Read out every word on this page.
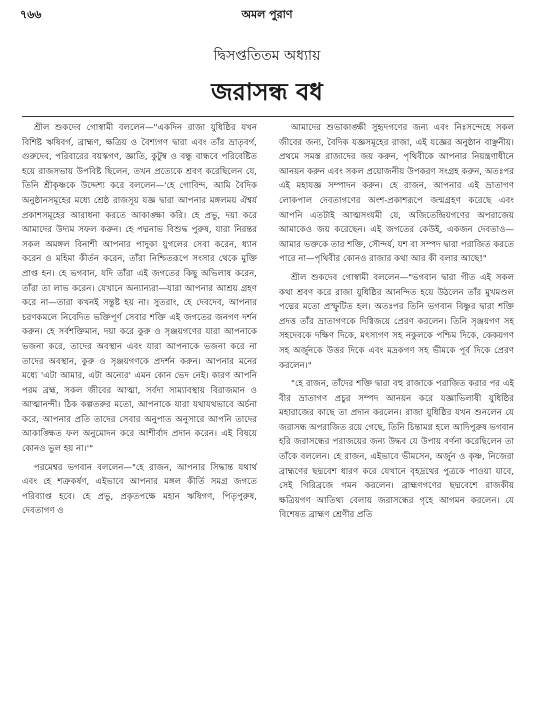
৭৬৬	অমল পুরাণ
দ্বিসপ্ততিতম অধ্যায়
জরাসন্ধ বধ

শ্রীল শুকদেব গোস্বামী বললেন—"একদিন রাজা যুধিষ্ঠির যখন বিশিষ্ট ঋষিবর্গ, ব্রাহ্মণ, ক্ষত্রিয় ও বৈশ্যগণ দ্বারা এবং তাঁর ভ্রাতৃবর্গ, গুরুদেব, পরিবারের বয়স্কগণ, জ্ঞাতি, কুটুম্ব ও বন্ধু বান্ধবে পরিবেষ্টিত হয়ে রাজসভায় উপবিষ্ট ছিলেন, তখন প্রত্যেকে শ্রবণ করেছিলেন যে, তিনি শ্রীকৃষ্ণকে উদ্দেশ্য করে বললেন—'হে গোবিন্দ, আমি বৈদিক অনুষ্ঠানসমূহের মধ্যে শ্রেষ্ঠ রাজসূয় যজ্ঞ দ্বারা আপনার মঙ্গলময় ঐশ্বর্য প্রকাশসমূহের আরাধনা করতে আকাঙ্ক্ষা করি। হে প্রভু, দয়া করে আমাদের উদ্যম সফল করুন। হে পদ্মনাভ বিশুদ্ধ পুরুষ, যারা নিরন্তর সকল অমঙ্গল বিনাশী আপনার পাদুকা যুগলের সেবা করেন, ধ্যান করেন ও মহিমা কীর্তন করেন, তাঁরা নিশ্চিতরূপে সংসার থেকে মুক্তি প্রাপ্ত হন। হে ভগবান, যদি তাঁরা এই জগতের কিছু অভিলাষ করেন, তাঁরা তা লাভ করেন। যেখানে অন্যান্যরা—যারা আপনার আশ্রয় গ্রহণ করে না—তারা কখনই সন্তুষ্ট হয় না। সুতরাং, হে দেবদেব, আপনার চরণকমলে নিবেদিত ভক্তিপূর্ণ সেবার শক্তি এই জগতের জনগণ দর্শন করুন। হে সর্বশক্তিমান, দয়া করে কুরু ও সৃঞ্জয়গণের যারা আপনাকে ভজনা করে, তাদের অবস্থান এবং যারা আপনাকে ভজনা করে না তাদের অবস্থান, কুরু ও সৃঞ্জয়গণকে প্রদর্শন করুন। আপনার মনের মধ্যে 'এটা আমার, এটা অন্যের' এমন কোন ভেদ নেই। কারণ আপনি পরম ব্রহ্ম, সকল জীবের আত্মা, সর্বদা সাম্যাবস্থায় বিরাজমান ও আত্মানন্দী। ঠিক কল্পতরুর মতো, আপনাকে যারা যথাযথভাবে অর্চনা করে, আপনার প্রতি তাদের সেবার অনুপাত অনুসারে আপনি তাদের আকাঙ্ক্ষিত ফল অনুমোদন করে আশীর্বাদ প্রদান করেন। এই বিষয়ে কোনও ভুল হয় না।'"

পরমেশ্বর ভগবান বললেন—"হে রাজন, আপনার সিদ্ধান্ত যথার্থ এবং হে শত্রুকর্ষণ, এইভাবে আপনার মঙ্গল কীর্তি সমগ্র জগতে পরিব্যাপ্ত হবে। হে প্রভু, প্রকৃতপক্ষে মহান ঋষিগণ, পিতৃপুরুষ, দেবতাগণ ও

আমাদের শুভাকাঙ্ক্ষী সুহৃদগণের জন্য এবং নিঃসন্দেহে সকল জীবের জন্য, বৈদিক যজ্ঞসমূহের রাজা, এই যজ্ঞের অনুষ্ঠান বাঞ্ছনীয়। প্রথমে সমস্ত রাজাদের জয় করুন, পৃথিবীকে আপনার নিয়ন্ত্রণাধীনে আনয়ন করুন এবং সকল প্রয়োজনীয় উপকরণ সংগ্রহ করুন, অতঃপর এই মহাযজ্ঞ সম্পাদন করুন। হে রাজন, আপনার এই ভ্রাতাগণ লোকপাল দেবতাগণের অংশ-প্রকাশরূপে জন্মগ্রহণ করেছে এবং আপনি এতটাই আত্মসংযমী যে, অজিতেন্দ্রিয়গণের অপরাজেয় আমাকেও জয় করেছেন। এই জগতের কেউই, একজন দেবতাও—আমার ভক্তকে তার শক্তি, সৌন্দর্য, যশ বা সম্পদ দ্বারা পরাজিত করতে পারে না—পৃথিবীর কোনও রাজার কথা আর কী বলার আছে!"

শ্রীল শুকদেব গোস্বামী বললেন—"ভগবান দ্বারা গীত এই সকল কথা শ্রবণ করে রাজা যুধিষ্ঠির আনন্দিত হয়ে উঠলেন তাঁর মুখমণ্ডল পদ্মের মতো প্রস্ফুটিত হল। অতঃপর তিনি ভগবান বিষ্ণুর দ্বারা শক্তি প্রদত্ত তাঁর ভ্রাতাগণকে দিগ্বিজয়ে প্রেরণ করলেন। তিনি সৃঞ্জয়গণ সহ সহদেবকে দক্ষিণ দিকে, মৎস্যগণ সহ নকুলকে পশ্চিম দিকে, কেকয়গণ সহ অর্জুনকে উত্তর দিকে এবং মদ্রকগণ সহ ভীমকে পূর্ব দিকে প্রেরণ করলেন।"

"হে রাজন, তাঁদের শক্তি দ্বারা বহু রাজাকে পরাজিত করার পর এই বীর ভ্রাতাগণ প্রচুর সম্পদ আনয়ন করে যজ্ঞাভিলাষী যুধিষ্ঠির মহারাজের কাছে তা প্রদান করলেন। রাজা যুধিষ্ঠির যখন শুনলেন যে জরাসন্ধ অপরাজিত রয়ে গেছে, তিনি চিন্তামগ্ন হলে আদিপুরুষ ভগবান হরি জরাসন্ধের পরাজয়ের জন্য উদ্ধব যে উপায় বর্ণনা করেছিলেন তা তাঁকে বললেন। হে রাজন, এইভাবে ভীমসেন, অর্জুন ও কৃষ্ণ, নিজেরা ব্রাহ্মণের ছদ্মবেশ ধারণ করে যেখানে বৃহদ্রথের পুত্রকে পাওয়া যাবে, সেই গিরিব্রজে গমন করলেন। ব্রাহ্মণগণের ছদ্মবেশে রাজকীয় ক্ষত্রিয়গণ আতিথ্য বেলায় জরাসন্ধের গৃহে আগমন করলেন। যে বিশেষত ব্রাহ্মণ শ্রেণীর প্রতি
